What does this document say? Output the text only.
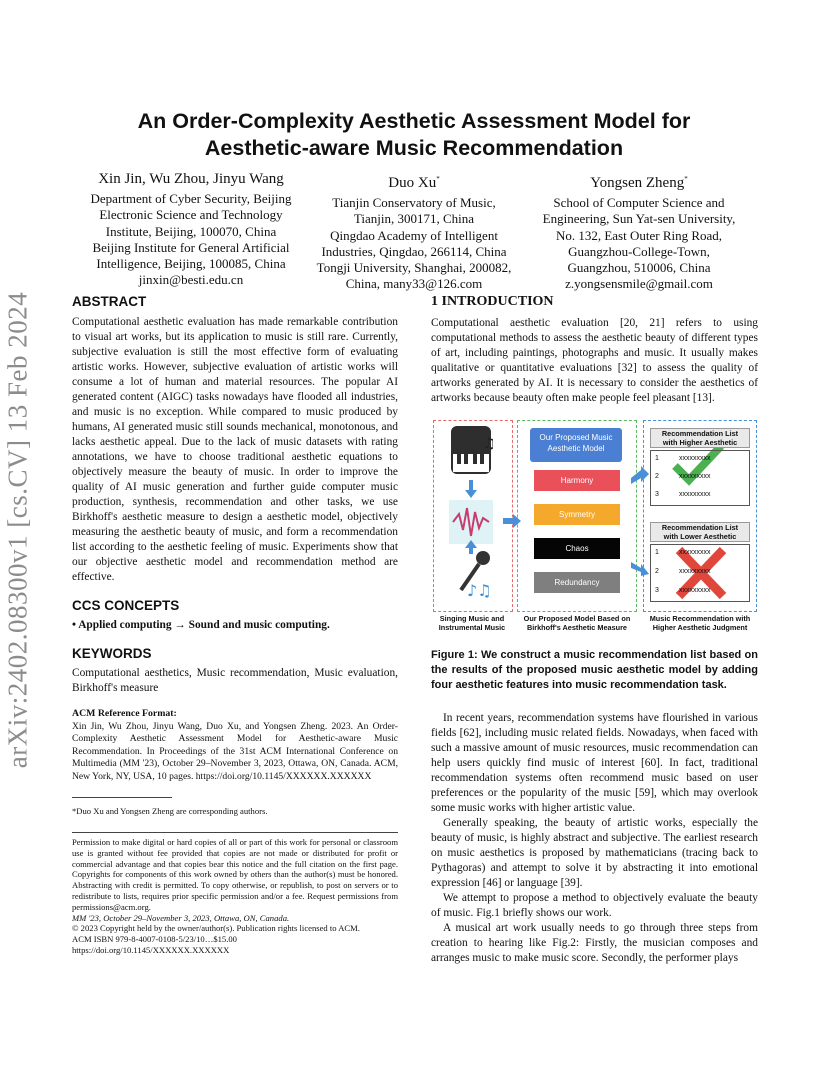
arXiv:2402.08300v1 [cs.CV] 13 Feb 2024
An Order-Complexity Aesthetic Assessment Model for
Aesthetic-aware Music Recommendation
Xin Jin, Wu Zhou, Jinyu Wang
Department of Cyber Security, Beijing
Electronic Science and Technology
Institute, Beijing, 100070, China
Beijing Institute for General Artificial
Intelligence, Beijing, 100085, China
jinxin@besti.edu.cn
Duo Xu*
Tianjin Conservatory of Music,
Tianjin, 300171, China
Qingdao Academy of Intelligent
Industries, Qingdao, 266114, China
Tongji University, Shanghai, 200082,
China, many33@126.com
Yongsen Zheng*
School of Computer Science and
Engineering, Sun Yat-sen University,
No. 132, East Outer Ring Road,
Guangzhou-College-Town,
Guangzhou, 510006, China
z.yongsensmile@gmail.com
ABSTRACT
Computational aesthetic evaluation has made remarkable contribution to visual art works, but its application to music is still rare. Currently, subjective evaluation is still the most effective form of evaluating artistic works. However, subjective evaluation of artistic works will consume a lot of human and material resources. The popular AI generated content (AIGC) tasks nowadays have flooded all industries, and music is no exception. While compared to music produced by humans, AI generated music still sounds mechanical, monotonous, and lacks aesthetic appeal. Due to the lack of music datasets with rating annotations, we have to choose traditional aesthetic equations to objectively measure the beauty of music. In order to improve the quality of AI music generation and further guide computer music production, synthesis, recommendation and other tasks, we use Birkhoff's aesthetic measure to design a aesthetic model, objectively measuring the aesthetic beauty of music, and form a recommendation list according to the aesthetic feeling of music. Experiments show that our objective aesthetic model and recommendation method are effective.
CCS CONCEPTS
• Applied computing → Sound and music computing.
KEYWORDS
Computational aesthetics, Music recommendation, Music evaluation, Birkhoff's measure
ACM Reference Format:
Xin Jin, Wu Zhou, Jinyu Wang, Duo Xu, and Yongsen Zheng. 2023. An Order-Complexity Aesthetic Assessment Model for Aesthetic-aware Music Recommendation. In Proceedings of the 31st ACM International Conference on Multimedia (MM '23), October 29–November 3, 2023, Ottawa, ON, Canada. ACM, New York, NY, USA, 10 pages. https://doi.org/10.1145/XXXXXX.XXXXXX
*Duo Xu and Yongsen Zheng are corresponding authors.
Permission to make digital or hard copies of all or part of this work for personal or classroom use is granted without fee provided that copies are not made or distributed for profit or commercial advantage and that copies bear this notice and the full citation on the first page. Copyrights for components of this work owned by others than the author(s) must be honored. Abstracting with credit is permitted. To copy otherwise, or republish, to post on servers or to redistribute to lists, requires prior specific permission and/or a fee. Request permissions from permissions@acm.org.
MM '23, October 29–November 3, 2023, Ottawa, ON, Canada.
© 2023 Copyright held by the owner/author(s). Publication rights licensed to ACM.
ACM ISBN 979-8-4007-0108-5/23/10…$15.00
https://doi.org/10.1145/XXXXXX.XXXXXX
1 INTRODUCTION
Computational aesthetic evaluation [20, 21] refers to using computational methods to assess the aesthetic beauty of different types of art, including paintings, photographs and music. It usually makes qualitative or quantitative evaluations [32] to assess the quality of artworks generated by AI. It is necessary to consider the aesthetics of artworks because beauty often make people feel pleasant [13].
♫
♪♫
Our Proposed Music
Aesthetic Model
Harmony
Symmetry
Chaos
Redundancy
Recommendation List
with Higher Aesthetic
1	xxxxxxxxx
2	xxxxxxxxx
3	xxxxxxxxx
Recommendation List
with Lower Aesthetic
1	xxxxxxxxx
2	xxxxxxxxx
3	xxxxxxxxx
Singing Music and
Instrumental Music
Our Proposed Model Based on
Birkhoff's Aesthetic Measure
Music Recommendation with
Higher Aesthetic Judgment
Figure 1: We construct a music recommendation list based on the results of the proposed music aesthetic model by adding four aesthetic features into music recommendation task.
In recent years, recommendation systems have flourished in various fields [62], including music related fields. Nowadays, when faced with such a massive amount of music resources, music recommendation can help users quickly find music of interest [60]. In fact, traditional recommendation systems often recommend music based on user preferences or the popularity of the music [59], which may overlook some music works with higher artistic value.
Generally speaking, the beauty of artistic works, especially the beauty of music, is highly abstract and subjective. The earliest research on music aesthetics is proposed by mathematicians (tracing back to Pythagoras) and attempt to solve it by abstracting it into emotional expression [46] or language [39].
We attempt to propose a method to objectively evaluate the beauty of music. Fig.1 briefly shows our work.
A musical art work usually needs to go through three steps from creation to hearing like Fig.2: Firstly, the musician composes and arranges music to make music score. Secondly, the performer plays
